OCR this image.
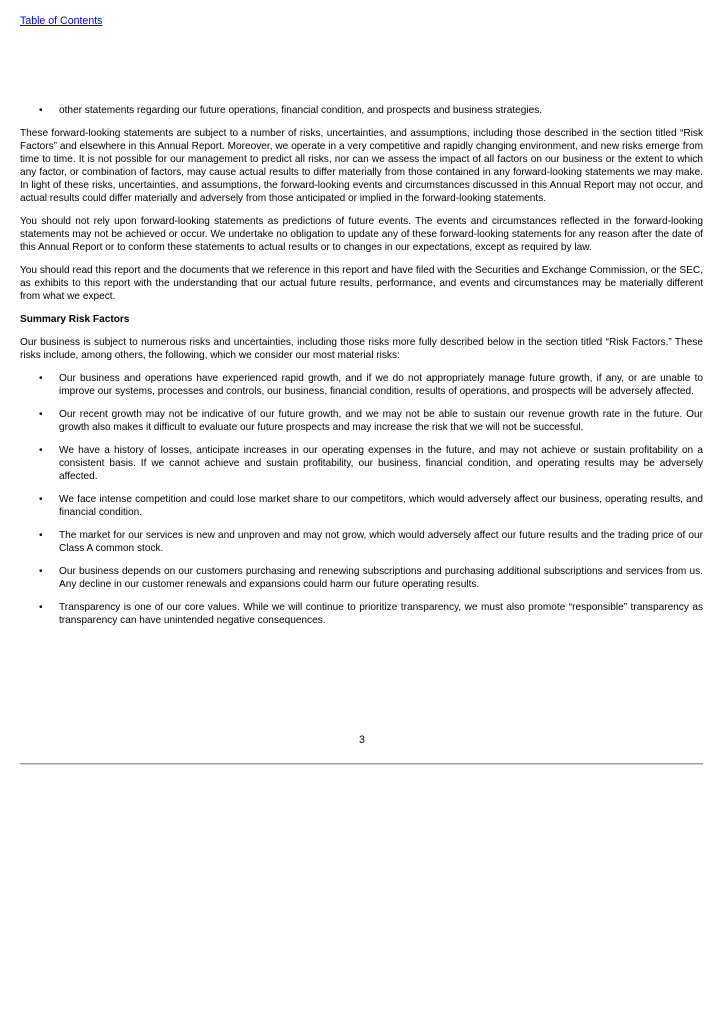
Table of Contents
• other statements regarding our future operations, financial condition, and prospects and business strategies.

These forward-looking statements are subject to a number of risks, uncertainties, and assumptions, including those described in the section titled “Risk Factors” and elsewhere in this Annual Report. Moreover, we operate in a very competitive and rapidly changing environment, and new risks emerge from time to time. It is not possible for our management to predict all risks, nor can we assess the impact of all factors on our business or the extent to which any factor, or combination of factors, may cause actual results to differ materially from those contained in any forward-looking statements we may make. In light of these risks, uncertainties, and assumptions, the forward-looking events and circumstances discussed in this Annual Report may not occur, and actual results could differ materially and adversely from those anticipated or implied in the forward-looking statements.

You should not rely upon forward-looking statements as predictions of future events. The events and circumstances reflected in the forward-looking statements may not be achieved or occur. We undertake no obligation to update any of these forward-looking statements for any reason after the date of this Annual Report or to conform these statements to actual results or to changes in our expectations, except as required by law.

You should read this report and the documents that we reference in this report and have filed with the Securities and Exchange Commission, or the SEC, as exhibits to this report with the understanding that our actual future results, performance, and events and circumstances may be materially different from what we expect.

Summary Risk Factors

Our business is subject to numerous risks and uncertainties, including those risks more fully described below in the section titled “Risk Factors.” These risks include, among others, the following, which we consider our most material risks:

• Our business and operations have experienced rapid growth, and if we do not appropriately manage future growth, if any, or are unable to improve our systems, processes and controls, our business, financial condition, results of operations, and prospects will be adversely affected.
• Our recent growth may not be indicative of our future growth, and we may not be able to sustain our revenue growth rate in the future. Our growth also makes it difficult to evaluate our future prospects and may increase the risk that we will not be successful.
• We have a history of losses, anticipate increases in our operating expenses in the future, and may not achieve or sustain profitability on a consistent basis. If we cannot achieve and sustain profitability, our business, financial condition, and operating results may be adversely affected.
• We face intense competition and could lose market share to our competitors, which would adversely affect our business, operating results, and financial condition.
• The market for our services is new and unproven and may not grow, which would adversely affect our future results and the trading price of our Class A common stock.
• Our business depends on our customers purchasing and renewing subscriptions and purchasing additional subscriptions and services from us. Any decline in our customer renewals and expansions could harm our future operating results.
• Transparency is one of our core values. While we will continue to prioritize transparency, we must also promote “responsible” transparency as transparency can have unintended negative consequences.
3
